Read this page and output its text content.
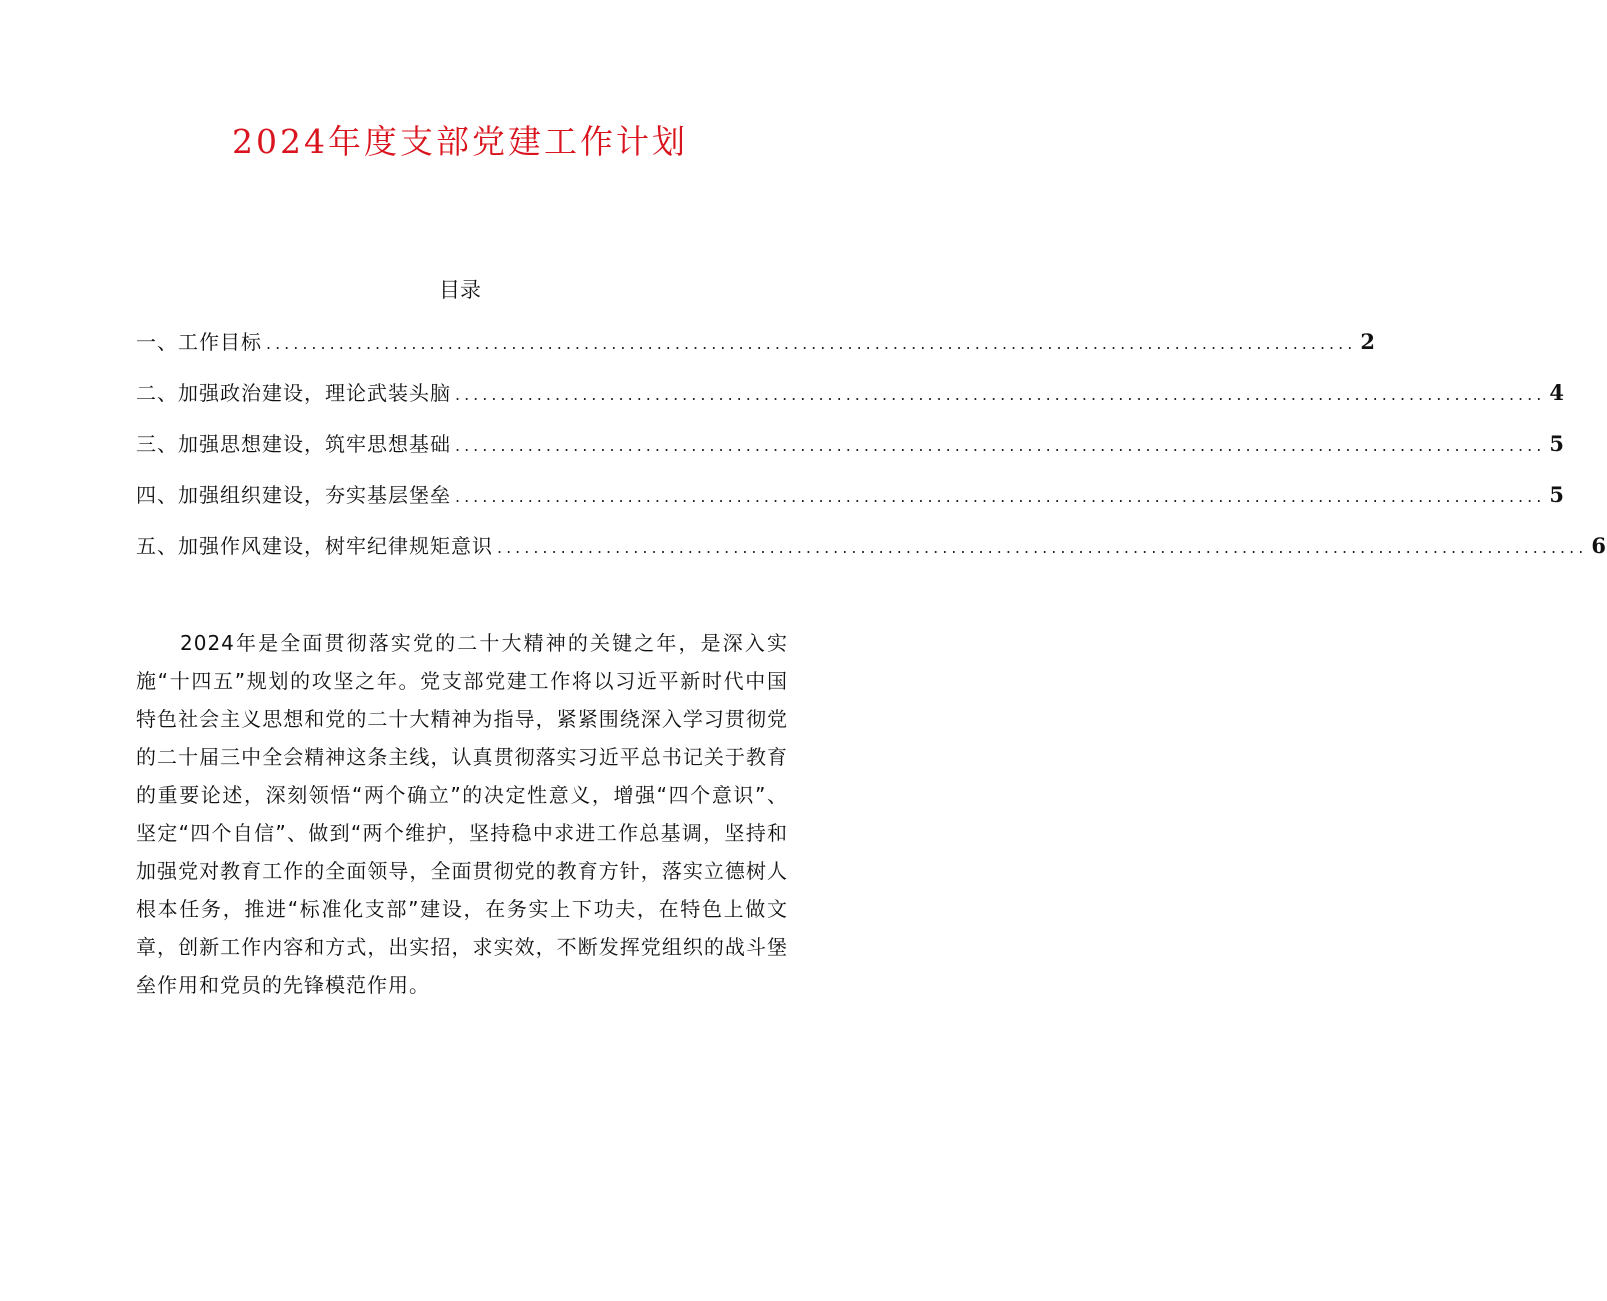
2024年度支部党建工作计划
目录
一、工作目标 ........................................................................................................................ 2
二、加强政治建设，理论武装头脑 ........................................................................................................................ 4
三、加强思想建设，筑牢思想基础 ........................................................................................................................ 5
四、加强组织建设，夯实基层堡垒 ........................................................................................................................ 5
五、加强作风建设，树牢纪律规矩意识 ........................................................................................................................ 6

2024年是全面贯彻落实党的二十大精神的关键之年，是深入实施“十四五”规划的攻坚之年。党支部党建工作将以习近平新时代中国特色社会主义思想和党的二十大精神为指导，紧紧围绕深入学习贯彻党的二十届三中全会精神这条主线，认真贯彻落实习近平总书记关于教育的重要论述，深刻领悟“两个确立”的决定性意义，增强“四个意识”、坚定“四个自信”、做到“两个维护，坚持稳中求进工作总基调，坚持和加强党对教育工作的全面领导，全面贯彻党的教育方针，落实立德树人根本任务，推进“标准化支部”建设，在务实上下功夫，在特色上做文章，创新工作内容和方式，出实招，求实效，不断发挥党组织的战斗堡垒作用和党员的先锋模范作用。
